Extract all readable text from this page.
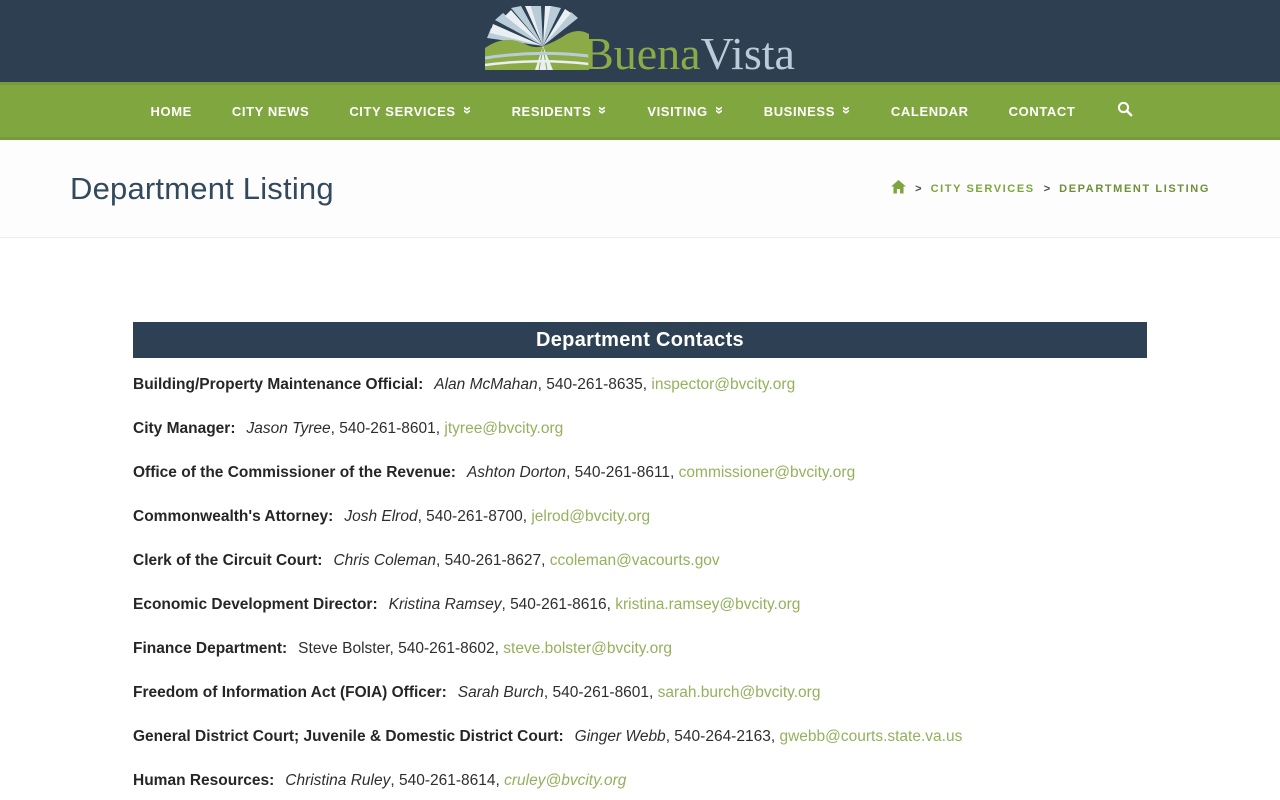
BuenaVista
HOME	CITY NEWS	CITY SERVICES »	RESIDENTS »	VISITING »	BUSINESS »	CALENDAR	CONTACT
Department Listing	> CITY SERVICES > DEPARTMENT LISTING
Department Contacts

Building/Property Maintenance Official: Alan McMahan, 540-261-8635, inspector@bvcity.org

City Manager: Jason Tyree, 540-261-8601, jtyree@bvcity.org

Office of the Commissioner of the Revenue: Ashton Dorton, 540-261-8611, commissioner@bvcity.org

Commonwealth's Attorney: Josh Elrod, 540-261-8700, jelrod@bvcity.org

Clerk of the Circuit Court: Chris Coleman, 540-261-8627, ccoleman@vacourts.gov

Economic Development Director: Kristina Ramsey, 540-261-8616, kristina.ramsey@bvcity.org

Finance Department: Steve Bolster, 540-261-8602, steve.bolster@bvcity.org

Freedom of Information Act (FOIA) Officer: Sarah Burch, 540-261-8601, sarah.burch@bvcity.org

General District Court; Juvenile & Domestic District Court: Ginger Webb, 540-264-2163, gwebb@courts.state.va.us

Human Resources: Christina Ruley, 540-261-8614, cruley@bvcity.org
